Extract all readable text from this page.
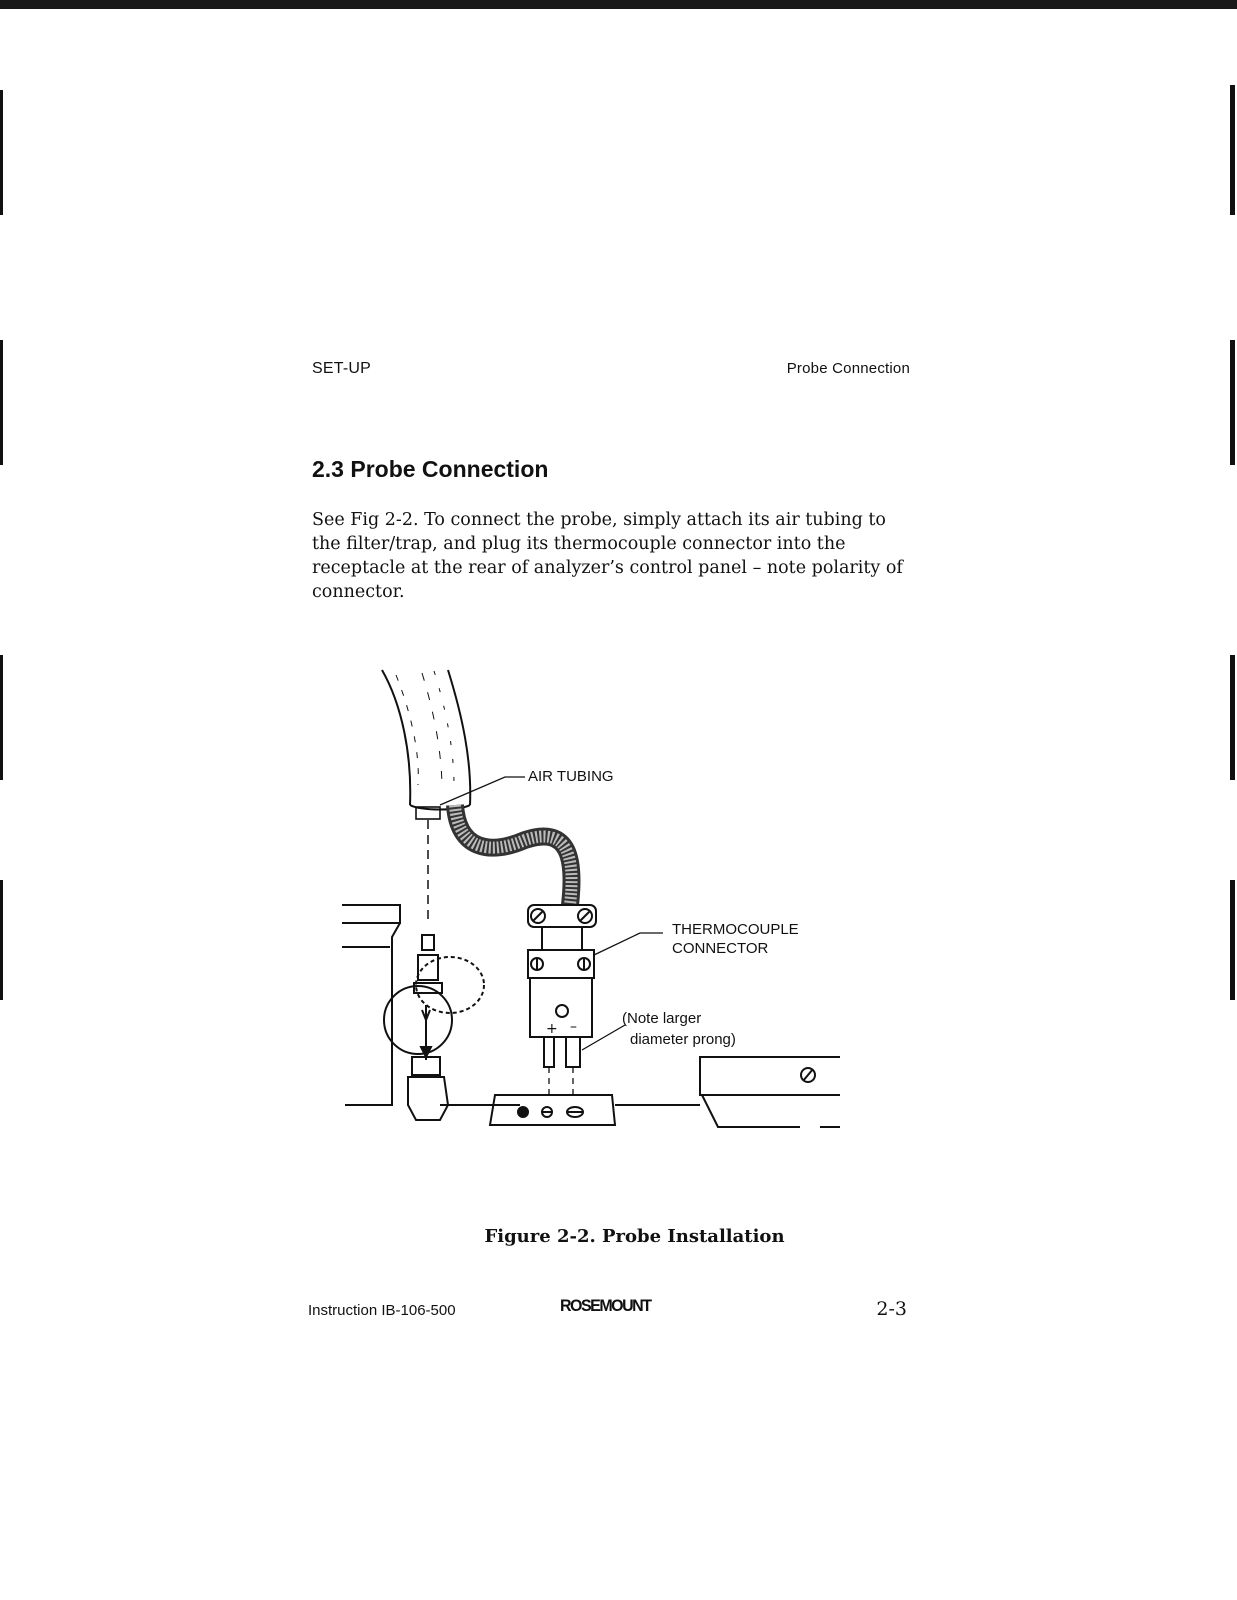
SET-UP	Probe Connection
2.3 Probe Connection

See Fig 2-2. To connect the probe, simply attach its air tubing to the filter/trap, and plug its thermocouple connector into the receptacle at the rear of analyzer’s control panel – note polarity of connector.

+ –
AIR TUBING
THERMOCOUPLE
CONNECTOR
(Note larger
diameter prong)
Figure 2-2. Probe Installation
Instruction IB-106-500	ROSEMOUNT	2-3
